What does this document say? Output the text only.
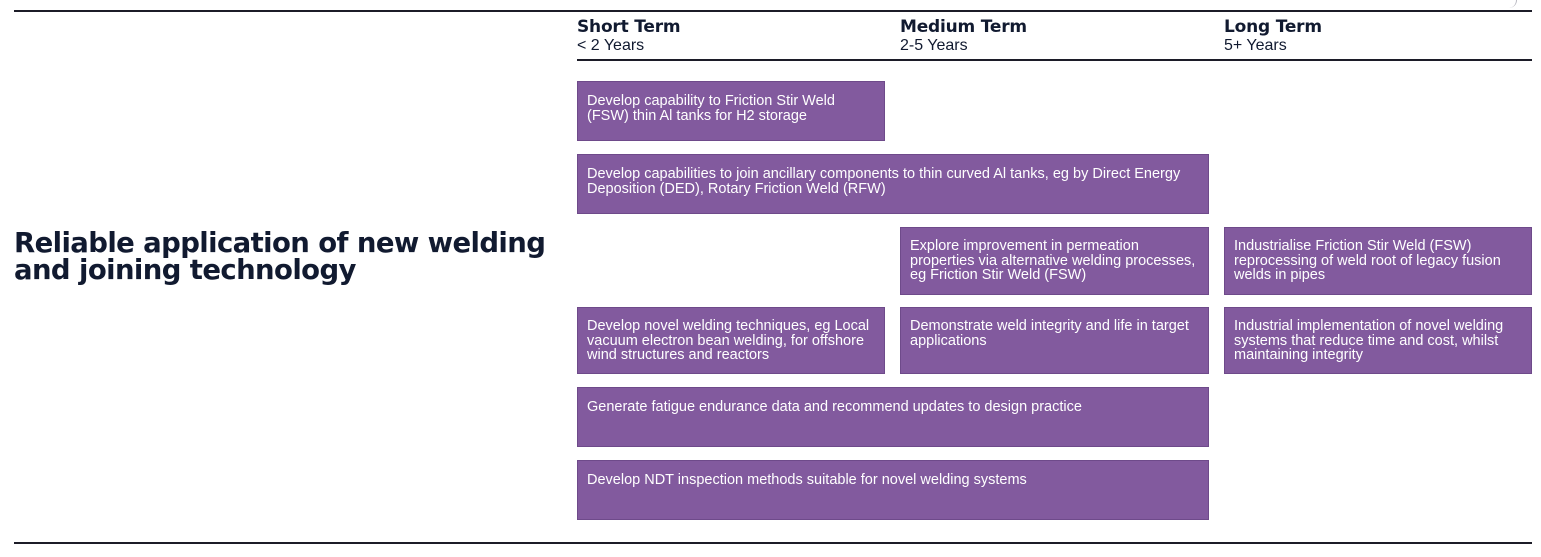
Reliable application of new welding and joining technology
Short Term
< 2 Years
Medium Term
2-5 Years
Long Term
5+ Years
Develop capability to Friction Stir Weld (FSW) thin Al tanks for H2 storage
Develop capabilities to join ancillary components to thin curved Al tanks, eg by Direct Energy Deposition (DED), Rotary Friction Weld (RFW)
Explore improvement in permeation properties via alternative welding processes, eg Friction Stir Weld (FSW)
Industrialise Friction Stir Weld (FSW) reprocessing of weld root of legacy fusion welds in pipes
Develop novel welding techniques, eg Local vacuum electron bean welding, for offshore wind structures and reactors
Demonstrate weld integrity and life in target applications
Industrial implementation of novel welding systems that reduce time and cost, whilst maintaining integrity
Generate fatigue endurance data and recommend updates to design practice
Develop NDT inspection methods suitable for novel welding systems
